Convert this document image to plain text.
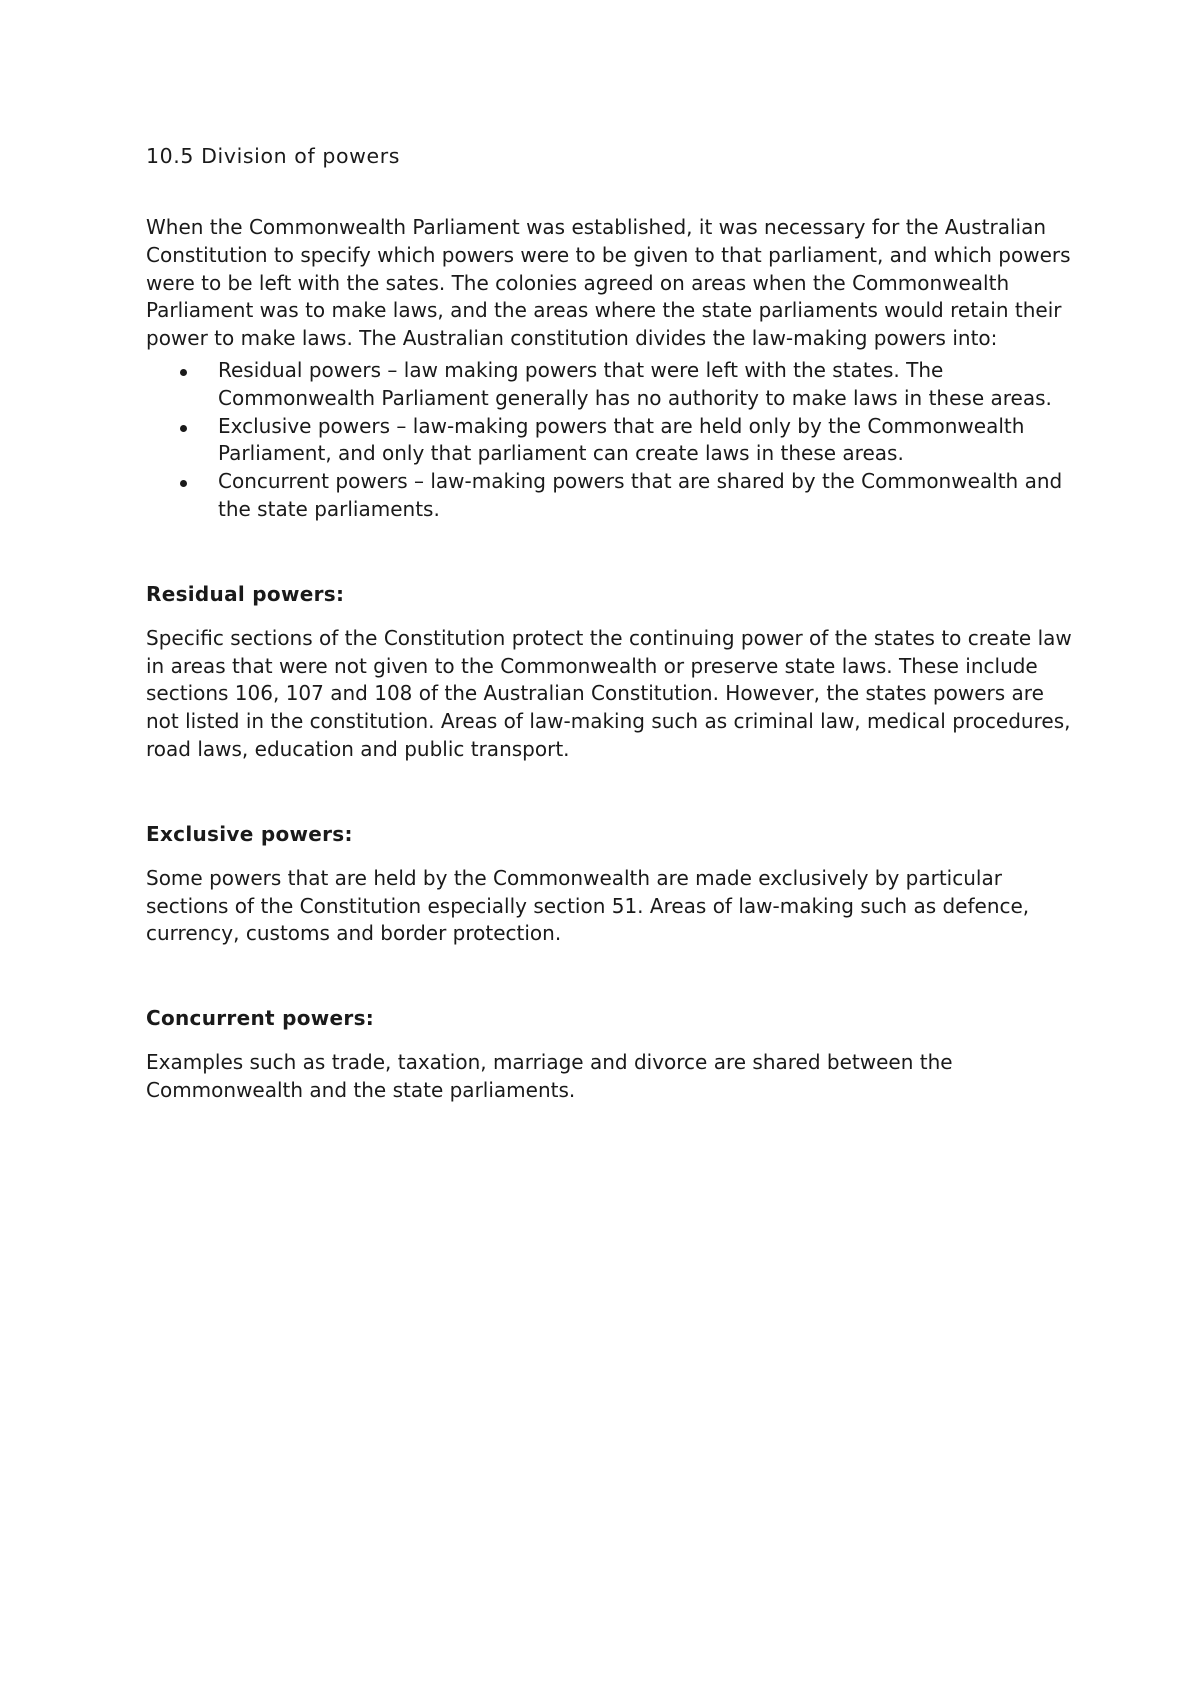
10.5 Division of powers

When the Commonwealth Parliament was established, it was necessary for the Australian Constitution to specify which powers were to be given to that parliament, and which powers were to be left with the sates. The colonies agreed on areas when the Commonwealth Parliament was to make laws, and the areas where the state parliaments would retain their power to make laws. The Australian constitution divides the law-making powers into:

Residual powers – law making powers that were left with the states. The Commonwealth Parliament generally has no authority to make laws in these areas.
Exclusive powers – law-making powers that are held only by the Commonwealth Parliament, and only that parliament can create laws in these areas.
Concurrent powers – law-making powers that are shared by the Commonwealth and the state parliaments.
Residual powers:

Specific sections of the Constitution protect the continuing power of the states to create law in areas that were not given to the Commonwealth or preserve state laws. These include sections 106, 107 and 108 of the Australian Constitution. However, the states powers are not listed in the constitution. Areas of law-making such as criminal law, medical procedures, road laws, education and public transport.

Exclusive powers:

Some powers that are held by the Commonwealth are made exclusively by particular sections of the Constitution especially section 51. Areas of law-making such as defence, currency, customs and border protection.

Concurrent powers:

Examples such as trade, taxation, marriage and divorce are shared between the Commonwealth and the state parliaments.
